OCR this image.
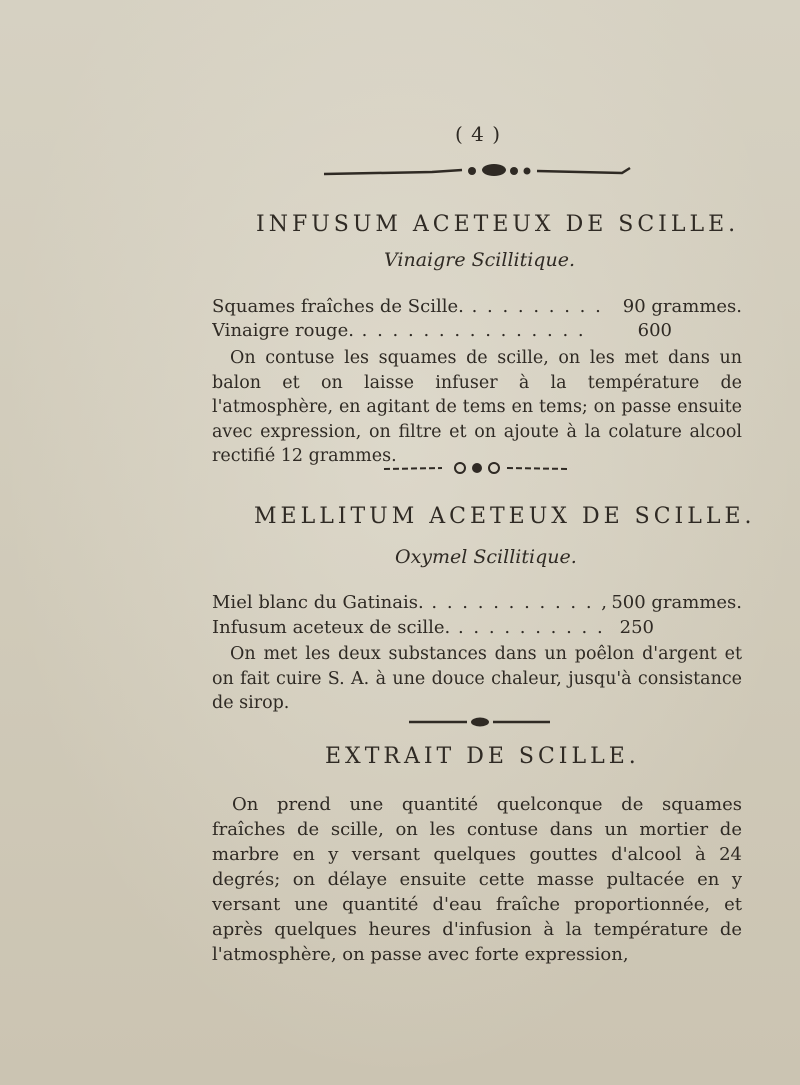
( 4 )
INFUSUM ACETEUX DE SCILLE.
Vinaigre Scillitique.
Squames fraîches de Scille. . . . . . . . . . 90 grammes.
Vinaigre rouge. . . . . . . . . . . . . . . .	600
On contuse les squames de scille, on les met dans un balon et on laisse infuser à la température de l'atmosphère, en agitant de tems en tems; on passe ensuite avec expression, on filtre et on ajoute à la colature alcool rectifié 12 grammes.
MELLITUM ACETEUX DE SCILLE.
Oxymel Scillitique.
Miel blanc du Gatinais. . . . . . . . . . . . , 500 grammes.
Infusum aceteux de scille. . . . . . . . . . . 250
On met les deux substances dans un poêlon d'argent et on fait cuire S. A. à une douce chaleur, jusqu'à consistance de sirop.
EXTRAIT DE SCILLE.
On prend une quantité quelconque de squames fraîches de scille, on les contuse dans un mortier de marbre en y versant quelques gouttes d'alcool à 24 degrés; on délaye ensuite cette masse pultacée en y versant une quantité d'eau fraîche proportionnée, et après quelques heures d'infusion à la température de l'atmosphère, on passe avec forte expression,
